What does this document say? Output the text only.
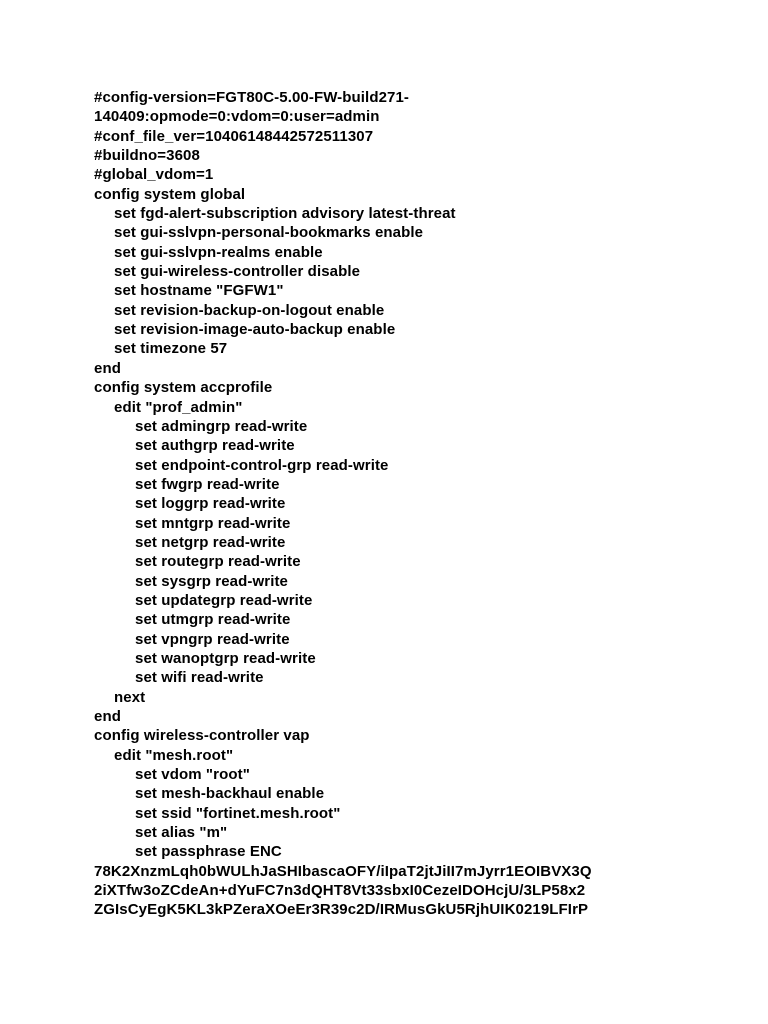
#config-version=FGT80C-5.00-FW-build271-
140409:opmode=0:vdom=0:user=admin
#conf_file_ver=10406148442572511307
#buildno=3608
#global_vdom=1
config system global
set fgd-alert-subscription advisory latest-threat
set gui-sslvpn-personal-bookmarks enable
set gui-sslvpn-realms enable
set gui-wireless-controller disable
set hostname "FGFW1"
set revision-backup-on-logout enable
set revision-image-auto-backup enable
set timezone 57
end
config system accprofile
edit "prof_admin"
set admingrp read-write
set authgrp read-write
set endpoint-control-grp read-write
set fwgrp read-write
set loggrp read-write
set mntgrp read-write
set netgrp read-write
set routegrp read-write
set sysgrp read-write
set updategrp read-write
set utmgrp read-write
set vpngrp read-write
set wanoptgrp read-write
set wifi read-write
next
end
config wireless-controller vap
edit "mesh.root"
set vdom "root"
set mesh-backhaul enable
set ssid "fortinet.mesh.root"
set alias "m"
set passphrase ENC
78K2XnzmLqh0bWULhJaSHIbascaOFY/iIpaT2jtJiII7mJyrr1EOIBVX3Q
2iXTfw3oZCdeAn+dYuFC7n3dQHT8Vt33sbxI0CezeIDOHcjU/3LP58x2
ZGIsCyEgK5KL3kPZeraXOeEr3R39c2D/IRMusGkU5RjhUIK0219LFIrP
